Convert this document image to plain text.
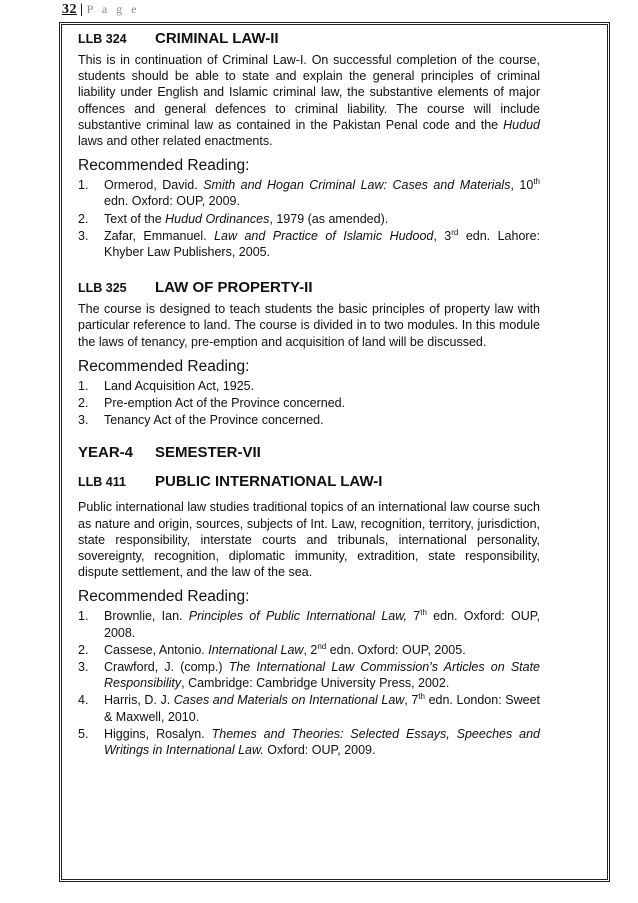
32 | P a g e
LLB 324	CRIMINAL LAW-II

This is in continuation of Criminal Law-I. On successful completion of the course, students should be able to state and explain the general principles of criminal liability under English and Islamic criminal law, the substantive elements of major offences and general defences to criminal liability. The course will include substantive criminal law as contained in the Pakistan Penal code and the Hudud laws and other related enactments.

Recommended Reading:
1. Ormerod, David. Smith and Hogan Criminal Law: Cases and Materials, 10th edn. Oxford: OUP, 2009.
2. Text of the Hudud Ordinances, 1979 (as amended).
3. Zafar, Emmanuel. Law and Practice of Islamic Hudood, 3rd edn. Lahore: Khyber Law Publishers, 2005.
LLB 325	LAW OF PROPERTY-II

The course is designed to teach students the basic principles of property law with particular reference to land. The course is divided in to two modules. In this module the laws of tenancy, pre-emption and acquisition of land will be discussed.

Recommended Reading:
1. Land Acquisition Act, 1925.
2. Pre-emption Act of the Province concerned.
3. Tenancy Act of the Province concerned.
YEAR-4	SEMESTER-VII
LLB 411	PUBLIC INTERNATIONAL LAW-I

Public international law studies traditional topics of an international law course such as nature and origin, sources, subjects of Int. Law, recognition, territory, jurisdiction, state responsibility, interstate courts and tribunals, international personality, sovereignty, recognition, diplomatic immunity, extradition, state responsibility, dispute settlement, and the law of the sea.

Recommended Reading:
1. Brownlie, Ian. Principles of Public International Law, 7th edn. Oxford: OUP, 2008.
2. Cassese, Antonio. International Law, 2nd edn. Oxford: OUP, 2005.
3. Crawford, J. (comp.) The International Law Commission’s Articles on State Responsibility, Cambridge: Cambridge University Press, 2002.
4. Harris, D. J. Cases and Materials on International Law, 7th edn. London: Sweet & Maxwell, 2010.
5. Higgins, Rosalyn. Themes and Theories: Selected Essays, Speeches and Writings in International Law. Oxford: OUP, 2009.
